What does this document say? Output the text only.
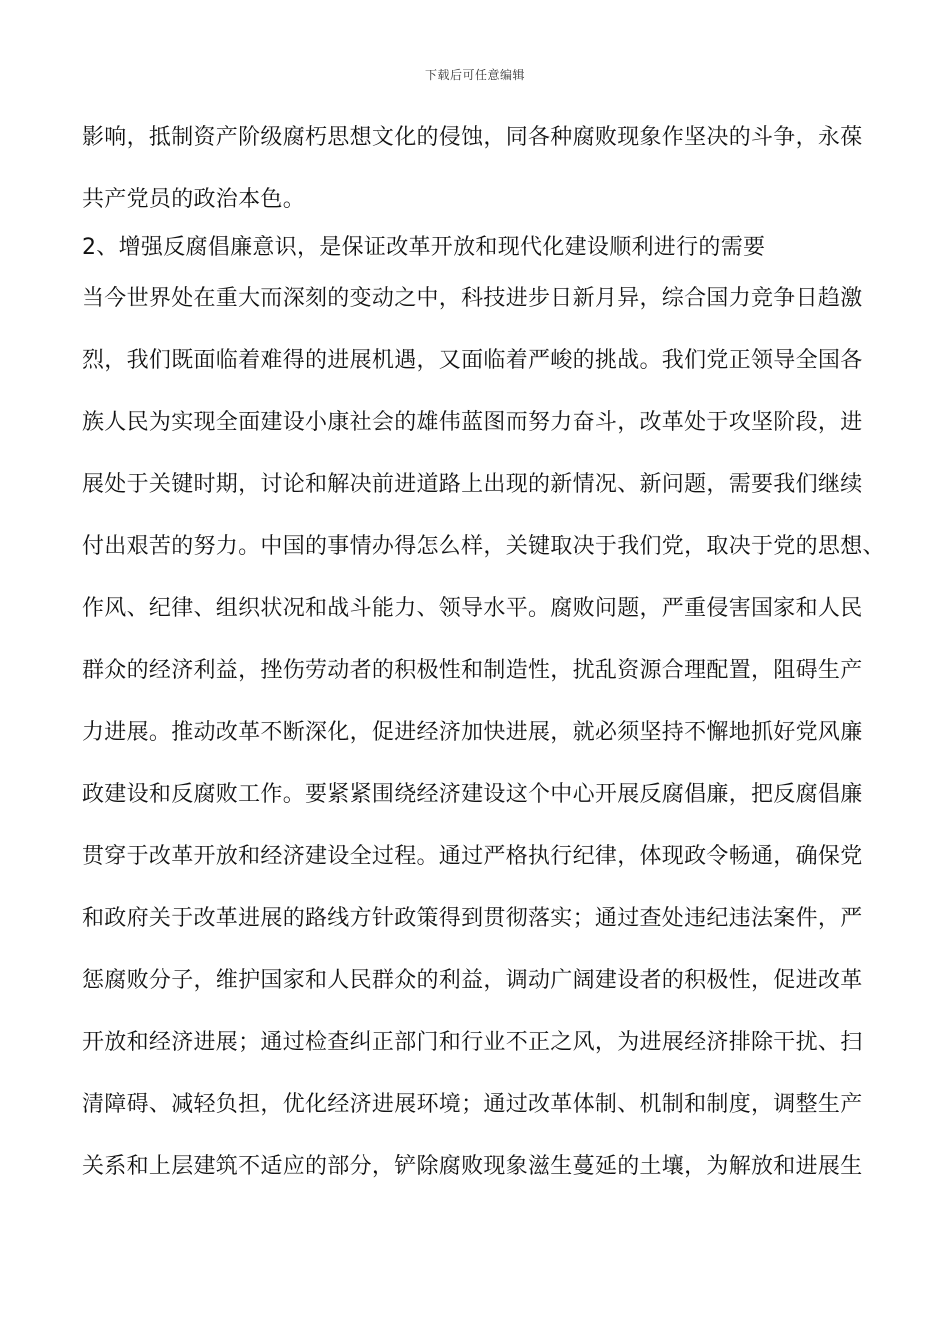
下载后可任意编辑
影响，抵制资产阶级腐朽思想文化的侵蚀，同各种腐败现象作坚决的斗争，永葆
共产党员的政治本色。
2、增强反腐倡廉意识，是保证改革开放和现代化建设顺利进行的需要
当今世界处在重大而深刻的变动之中，科技进步日新月异，综合国力竞争日趋激
烈，我们既面临着难得的进展机遇，又面临着严峻的挑战。我们党正领导全国各
族人民为实现全面建设小康社会的雄伟蓝图而努力奋斗，改革处于攻坚阶段，进
展处于关键时期，讨论和解决前进道路上出现的新情况、新问题，需要我们继续
付出艰苦的努力。中国的事情办得怎么样，关键取决于我们党，取决于党的思想、
作风、纪律、组织状况和战斗能力、领导水平。腐败问题，严重侵害国家和人民
群众的经济利益，挫伤劳动者的积极性和制造性，扰乱资源合理配置，阻碍生产
力进展。推动改革不断深化，促进经济加快进展，就必须坚持不懈地抓好党风廉
政建设和反腐败工作。要紧紧围绕经济建设这个中心开展反腐倡廉，把反腐倡廉
贯穿于改革开放和经济建设全过程。通过严格执行纪律，体现政令畅通，确保党
和政府关于改革进展的路线方针政策得到贯彻落实；通过查处违纪违法案件，严
惩腐败分子，维护国家和人民群众的利益，调动广阔建设者的积极性，促进改革
开放和经济进展；通过检查纠正部门和行业不正之风，为进展经济排除干扰、扫
清障碍、减轻负担，优化经济进展环境；通过改革体制、机制和制度，调整生产
关系和上层建筑不适应的部分，铲除腐败现象滋生蔓延的土壤，为解放和进展生
